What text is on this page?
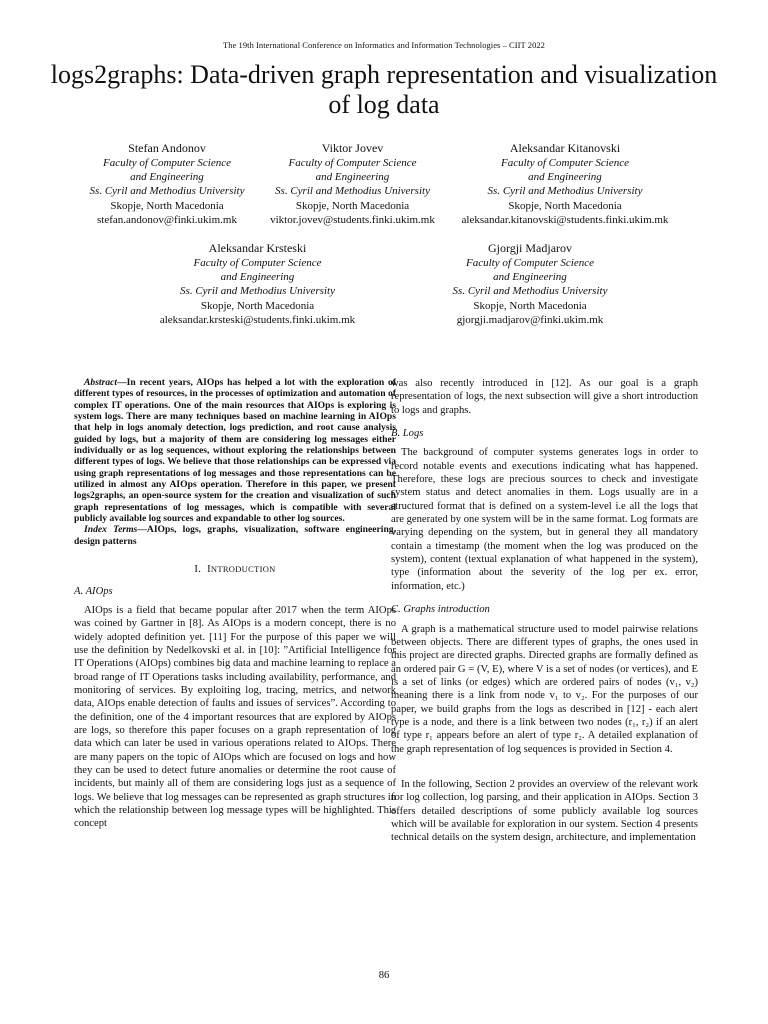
The 19th International Conference on Informatics and Information Technologies – CIIT 2022
logs2graphs: Data-driven graph representation and visualization of log data
Stefan Andonov
Faculty of Computer Science
and Engineering
Ss. Cyril and Methodius University
Skopje, North Macedonia
stefan.andonov@finki.ukim.mk
Viktor Jovev
Faculty of Computer Science
and Engineering
Ss. Cyril and Methodius University
Skopje, North Macedonia
viktor.jovev@students.finki.ukim.mk
Aleksandar Kitanovski
Faculty of Computer Science
and Engineering
Ss. Cyril and Methodius University
Skopje, North Macedonia
aleksandar.kitanovski@students.finki.ukim.mk
Aleksandar Krsteski
Faculty of Computer Science
and Engineering
Ss. Cyril and Methodius University
Skopje, North Macedonia
aleksandar.krsteski@students.finki.ukim.mk
Gjorgji Madjarov
Faculty of Computer Science
and Engineering
Ss. Cyril and Methodius University
Skopje, North Macedonia
gjorgji.madjarov@finki.ukim.mk

Abstract—In recent years, AIOps has helped a lot with the exploration of different types of resources, in the processes of optimization and automation of complex IT operations. One of the main resources that AIOps is exploring is system logs. There are many techniques based on machine learning in AIOps that help in logs anomaly detection, logs prediction, and root cause analysis guided by logs, but a majority of them are considering log messages either individually or as log sequences, without exploring the relationships between different types of logs. We believe that those relationships can be expressed via using graph representations of log messages and those representations can be utilized in almost any AIOps operation. Therefore in this paper, we present logs2graphs, an open-source system for the creation and visualization of such graph representations of log messages, which is compatible with several publicly available log sources and expandable to other log sources.

Index Terms—AIOps, logs, graphs, visualization, software engineering, design patterns

I. INTRODUCTION
A. AIOps

AIOps is a field that became popular after 2017 when the term AIOps was coined by Gartner in [8]. As AIOps is a modern concept, there is no widely adopted definition yet. [11] For the purpose of this paper we will use the definition by Nedelkovski et al. in [10]: ”Artificial Intelligence for IT Operations (AIOps) combines big data and machine learning to replace a broad range of IT Operations tasks including availability, performance, and monitoring of services. By exploiting log, tracing, metrics, and network data, AIOps enable detection of faults and issues of services”. According to the definition, one of the 4 important resources that are explored by AIOps are logs, so therefore this paper focuses on a graph representation of log data which can later be used in various operations related to AIOps. There are many papers on the topic of AIOps which are focused on logs and how they can be used to detect future anomalies or determine the root cause of incidents, but mainly all of them are considering logs just as a sequence of logs. We believe that log messages can be represented as graph structures in which the relationship between log message types will be highlighted. This concept

was also recently introduced in [12]. As our goal is a graph representation of logs, the next subsection will give a short introduction to logs and graphs.

B. Logs

The background of computer systems generates logs in order to record notable events and executions indicating what has happened. Therefore, these logs are precious sources to check and investigate system status and detect anomalies in them. Logs usually are in a structured format that is defined on a system-level i.e all the logs that are generated by one system will be in the same format. Log formats are varying depending on the system, but in general they all mandatory contain a timestamp (the moment when the log was produced on the system), content (textual explanation of what happened in the system), type (information about the severity of the log per ex. error, information, etc.)

C. Graphs introduction

A graph is a mathematical structure used to model pairwise relations between objects. There are different types of graphs, the ones used in this project are directed graphs. Directed graphs are formally defined as an ordered pair G = (V, E), where V is a set of nodes (or vertices), and E is a set of links (or edges) which are ordered pairs of nodes (v₁, v₂) meaning there is a link from node v₁ to v₂. For the purposes of our paper, we build graphs from the logs as described in [12] - each alert type is a node, and there is a link between two nodes (r₁, r₂) if an alert of type r₁ appears before an alert of type r₂. A detailed explanation of the graph representation of log sequences is provided in Section 4.

In the following, Section 2 provides an overview of the relevant work for log collection, log parsing, and their application in AIOps. Section 3 offers detailed descriptions of some publicly available log sources which will be available for exploration in our system. Section 4 presents technical details on the system design, architecture, and implementation

86
